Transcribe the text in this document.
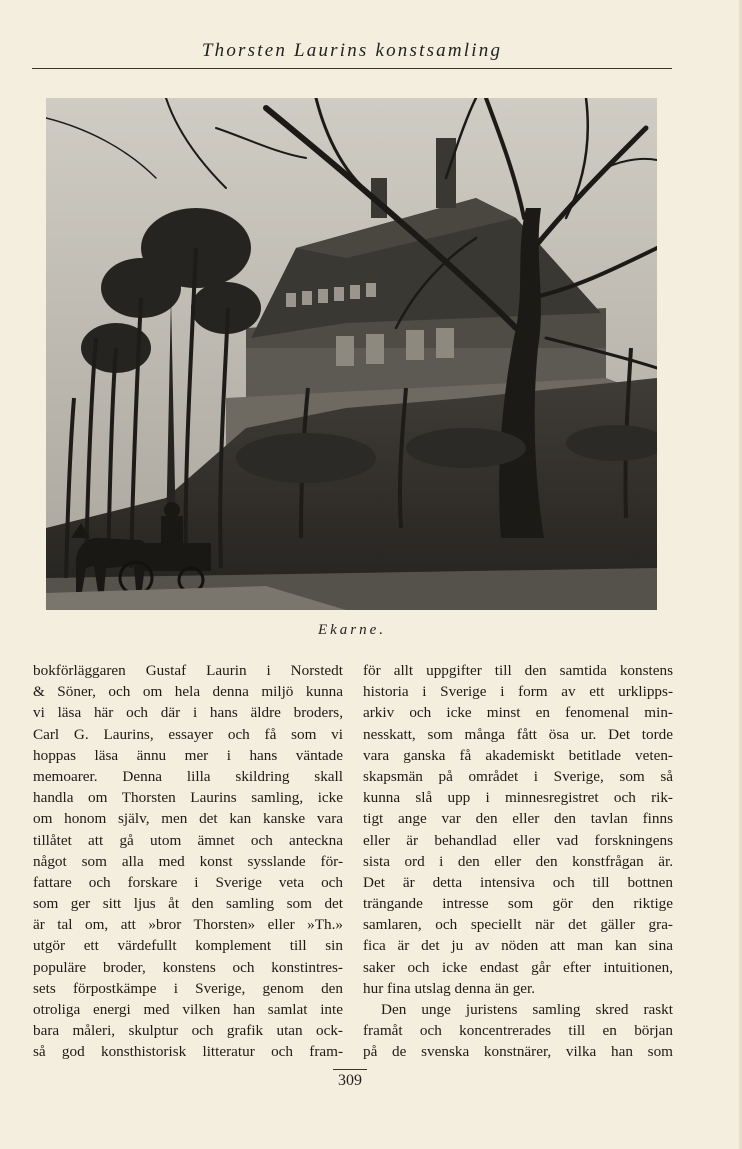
Thorsten Laurins konstsamling
Ekarne.
bokförläggaren Gustaf Laurin i Norstedt
& Söner, och om hela denna miljö kunna
vi läsa här och där i hans äldre broders,
Carl G. Laurins, essayer och få som vi
hoppas läsa ännu mer i hans väntade
memoarer. Denna lilla skildring skall
handla om Thorsten Laurins samling, icke
om honom själv, men det kan kanske vara
tillåtet att gå utom ämnet och anteckna
något som alla med konst sysslande för-
fattare och forskare i Sverige veta och
som ger sitt ljus åt den samling som det
är tal om, att »bror Thorsten» eller »Th.»
utgör ett värdefullt komplement till sin
populäre broder, konstens och konstintres-
sets förpostkämpe i Sverige, genom den
otroliga energi med vilken han samlat inte
bara måleri, skulptur och grafik utan ock-
så god konsthistorisk litteratur och fram-
för allt uppgifter till den samtida konstens
historia i Sverige i form av ett urklipps-
arkiv och icke minst en fenomenal min-
nesskatt, som många fått ösa ur. Det torde
vara ganska få akademiskt betitlade veten-
skapsmän på området i Sverige, som så
kunna slå upp i minnesregistret och rik-
tigt ange var den eller den tavlan finns
eller är behandlad eller vad forskningens
sista ord i den eller den konstfrågan är.
Det är detta intensiva och till bottnen
trängande intresse som gör den riktige
samlaren, och speciellt när det gäller gra-
fica är det ju av nöden att man kan sina
saker och icke endast går efter intuitionen,
hur fina utslag denna än ger.
Den unge juristens samling skred raskt
framåt och koncentrerades till en början
på de svenska konstnärer, vilka han som
309
